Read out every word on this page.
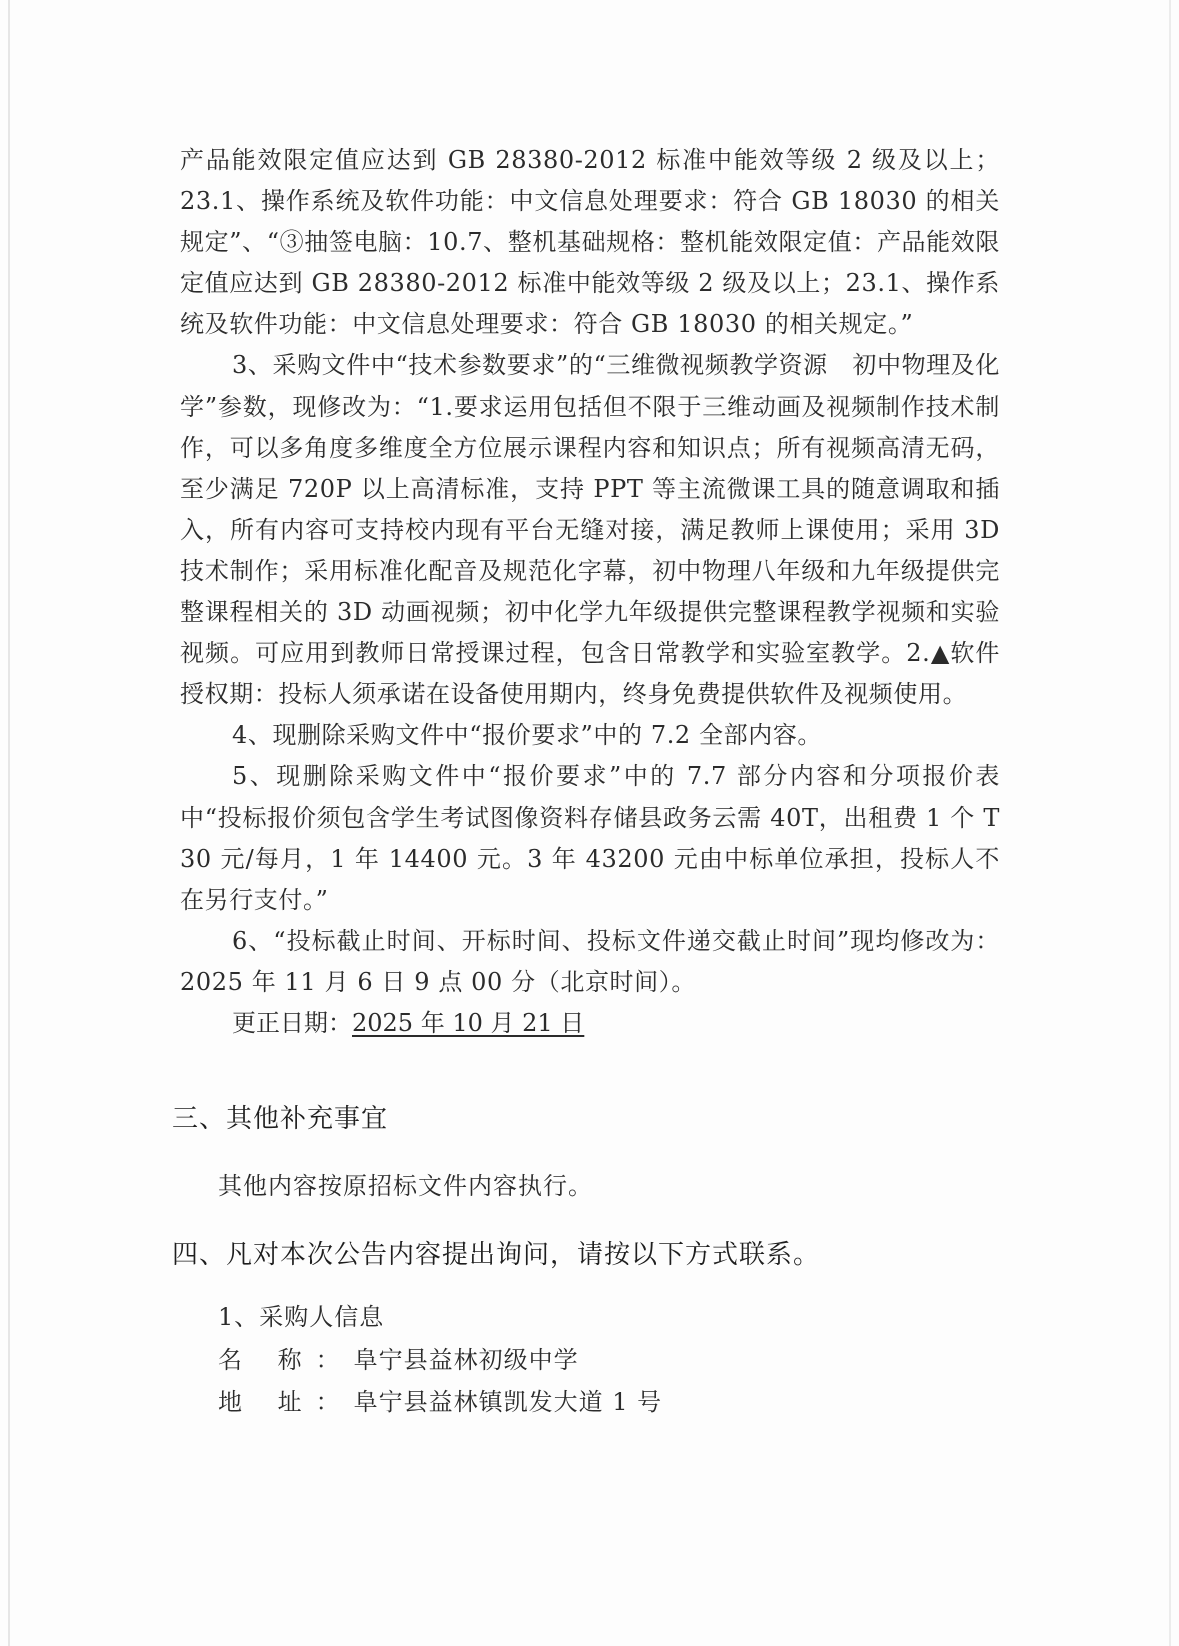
产品能效限定值应达到 GB 28380-2012 标准中能效等级 2 级及以上；23.1、操作系统及软件功能：中文信息处理要求：符合 GB 18030 的相关规定”、“③抽签电脑：10.7、整机基础规格：整机能效限定值：产品能效限定值应达到 GB 28380-2012 标准中能效等级 2 级及以上；23.1、操作系统及软件功能：中文信息处理要求：符合 GB 18030 的相关规定。”

3、采购文件中“技术参数要求”的“三维微视频教学资源　初中物理及化学”参数，现修改为：“1.要求运用包括但不限于三维动画及视频制作技术制作，可以多角度多维度全方位展示课程内容和知识点；所有视频高清无码，至少满足 720P 以上高清标准，支持 PPT 等主流微课工具的随意调取和插入，所有内容可支持校内现有平台无缝对接，满足教师上课使用；采用 3D 技术制作；采用标准化配音及规范化字幕，初中物理八年级和九年级提供完整课程相关的 3D 动画视频；初中化学九年级提供完整课程教学视频和实验视频。可应用到教师日常授课过程，包含日常教学和实验室教学。2.▲软件授权期：投标人须承诺在设备使用期内，终身免费提供软件及视频使用。

4、现删除采购文件中“报价要求”中的 7.2 全部内容。

5、现删除采购文件中“报价要求”中的 7.7 部分内容和分项报价表中“投标报价须包含学生考试图像资料存储县政务云需 40T，出租费 1 个 T 30 元/每月，1 年 14400 元。3 年 43200 元由中标单位承担，投标人不在另行支付。”

6、“投标截止时间、开标时间、投标文件递交截止时间”现均修改为：2025 年 11 月 6 日 9 点 00 分（北京时间）。

更正日期：2025 年 10 月 21 日

三、其他补充事宜
其他内容按原招标文件内容执行。
四、凡对本次公告内容提出询问，请按以下方式联系。
1、采购人信息
名 称：阜宁县益林初级中学
地 址：阜宁县益林镇凯发大道 1 号
